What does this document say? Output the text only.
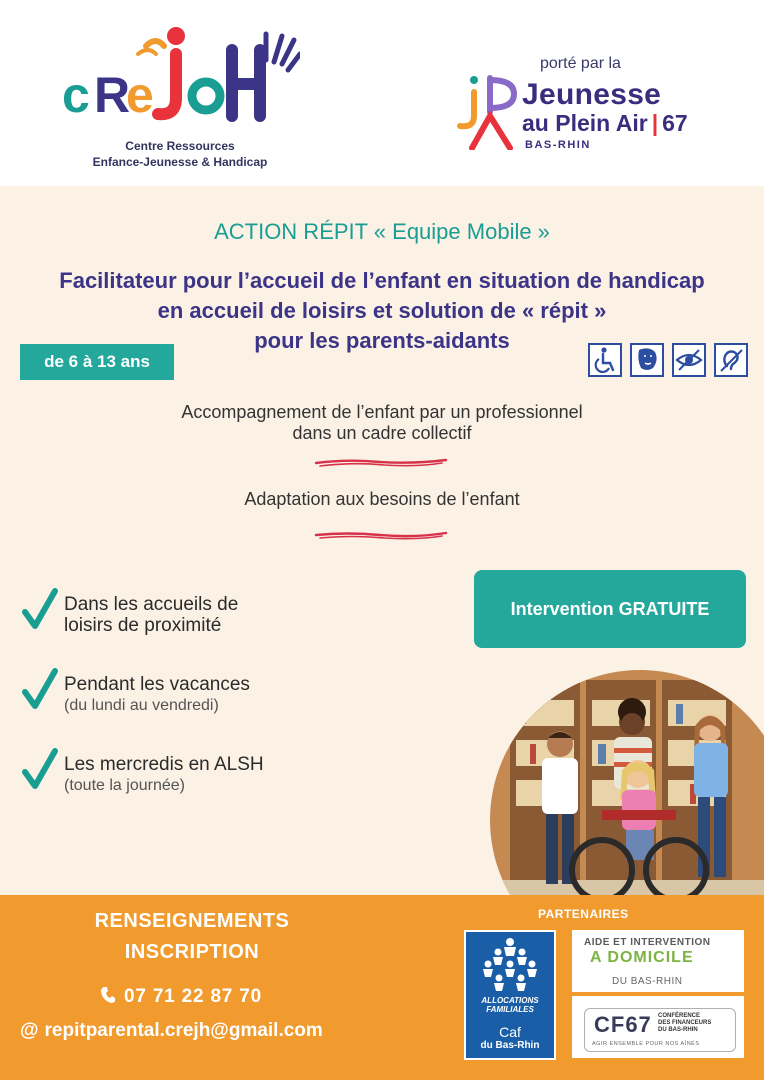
c R
e
Centre Ressources
Enfance-Jeunesse & Handicap
porté par la
Jeunesse
au Plein Air | 67
BAS-RHIN
ACTION RÉPIT « Equipe Mobile »
Facilitateur pour l’accueil de l’enfant en situation de handicap
en accueil de loisirs et solution de « répit »
pour les parents-aidants
de 6 à 13 ans
Accompagnement de l’enfant par un professionnel
dans un cadre collectif
Adaptation aux besoins de l’enfant
Dans les accueils de
loisirs de proximité
Pendant les vacances
(du lundi au vendredi)
Les mercredis en ALSH
(toute la journée)
Intervention GRATUITE
RENSEIGNEMENTS
INSCRIPTION
07 71 22 87 70
@ repitparental.crejh@gmail.com
PARTENAIRES
ALLOCATIONS
FAMILIALES
Caf
du Bas-Rhin
AIDE ET INTERVENTION
A DOMICILE
DU BAS-RHIN
CF67 CONFÉRENCE
DES FINANCEURS
DU BAS-RHIN
AGIR ENSEMBLE POUR NOS AÎNÉS
